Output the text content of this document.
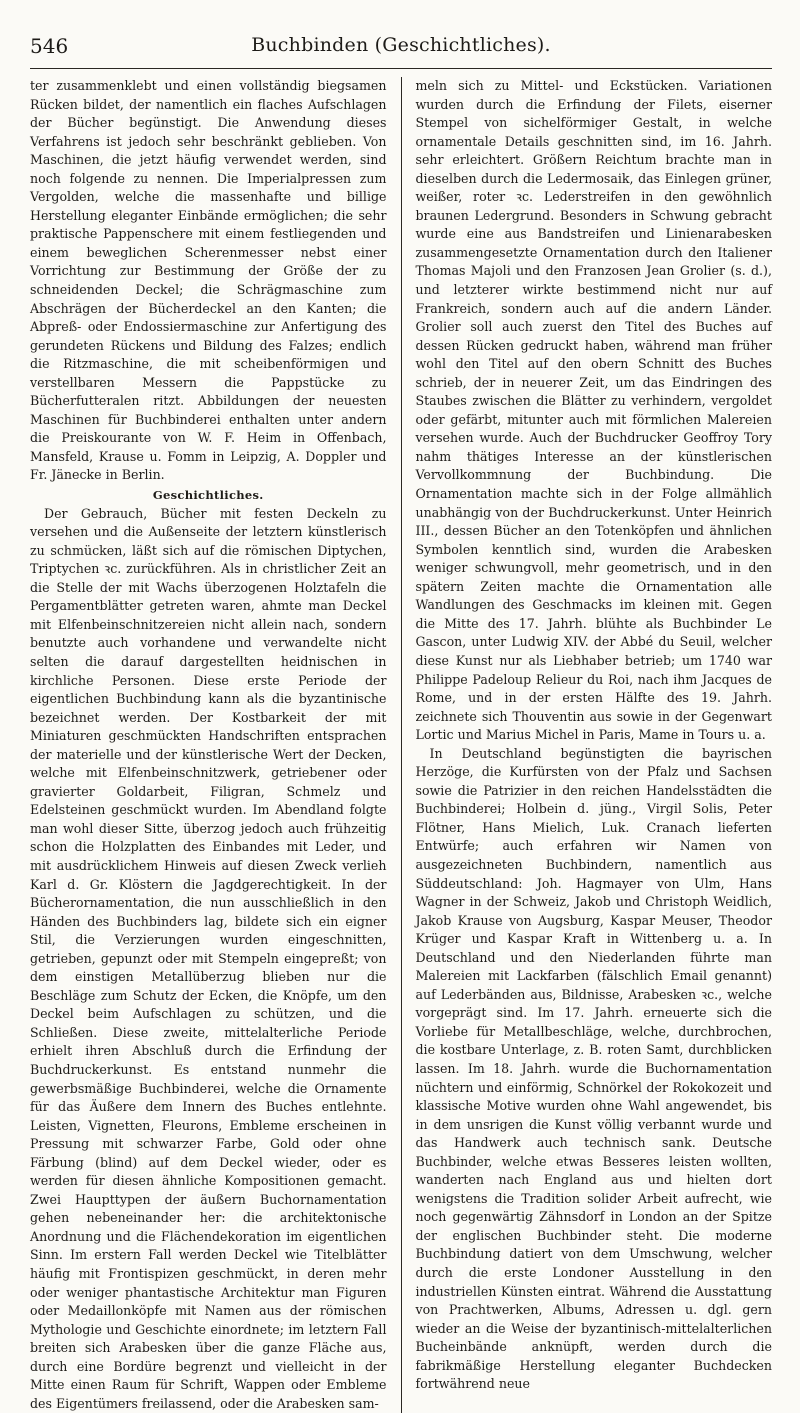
546	Buchbinden (Geschichtliches).

ter zusammenklebt und einen vollständig biegsamen Rücken bildet, der namentlich ein flaches Aufschlagen der Bücher begünstigt. Die Anwendung dieses Verfahrens ist jedoch sehr beschränkt geblieben. Von Maschinen, die jetzt häufig verwendet werden, sind noch folgende zu nennen. Die Imperialpressen zum Vergolden, welche die massenhafte und billige Herstellung eleganter Einbände ermöglichen; die sehr praktische Pappenschere mit einem festliegenden und einem beweglichen Scherenmesser nebst einer Vorrichtung zur Bestimmung der Größe der zu schneidenden Deckel; die Schrägmaschine zum Abschrägen der Bücherdeckel an den Kanten; die Abpreß- oder Endossiermaschine zur Anfertigung des gerundeten Rückens und Bildung des Falzes; endlich die Ritzmaschine, die mit scheibenförmigen und verstellbaren Messern die Pappstücke zu Bücherfutteralen ritzt. Abbildungen der neuesten Maschinen für Buchbinderei enthalten unter andern die Preiskourante von W. F. Heim in Offenbach, Mansfeld, Krause u. Fomm in Leipzig, A. Doppler und Fr. Jänecke in Berlin.

Geschichtliches.

Der Gebrauch, Bücher mit festen Deckeln zu versehen und die Außenseite der letztern künstlerisch zu schmücken, läßt sich auf die römischen Diptychen, Triptychen ꝛc. zurückführen. Als in christlicher Zeit an die Stelle der mit Wachs überzogenen Holztafeln die Pergamentblätter getreten waren, ahmte man Deckel mit Elfenbeinschnitzereien nicht allein nach, sondern benutzte auch vorhandene und verwandelte nicht selten die darauf dargestellten heidnischen in kirchliche Personen. Diese erste Periode der eigentlichen Buchbindung kann als die byzantinische bezeichnet werden. Der Kostbarkeit der mit Miniaturen geschmückten Handschriften entsprachen der materielle und der künstlerische Wert der Decken, welche mit Elfenbeinschnitzwerk, getriebener oder gravierter Goldarbeit, Filigran, Schmelz und Edelsteinen geschmückt wurden. Im Abendland folgte man wohl dieser Sitte, überzog jedoch auch frühzeitig schon die Holzplatten des Einbandes mit Leder, und mit ausdrücklichem Hinweis auf diesen Zweck verlieh Karl d. Gr. Klöstern die Jagdgerechtigkeit. In der Bücherornamentation, die nun ausschließlich in den Händen des Buchbinders lag, bildete sich ein eigner Stil, die Verzierungen wurden eingeschnitten, getrieben, gepunzt oder mit Stempeln eingepreßt; von dem einstigen Metallüberzug blieben nur die Beschläge zum Schutz der Ecken, die Knöpfe, um den Deckel beim Aufschlagen zu schützen, und die Schließen. Diese zweite, mittelalterliche Periode erhielt ihren Abschluß durch die Erfindung der Buchdruckerkunst. Es entstand nunmehr die gewerbsmäßige Buchbinderei, welche die Ornamente für das Äußere dem Innern des Buches entlehnte. Leisten, Vignetten, Fleurons, Embleme erscheinen in Pressung mit schwarzer Farbe, Gold oder ohne Färbung (blind) auf dem Deckel wieder, oder es werden für diesen ähnliche Kompositionen gemacht. Zwei Haupttypen der äußern Buchornamentation gehen nebeneinander her: die architektonische Anordnung und die Flächendekoration im eigentlichen Sinn. Im erstern Fall werden Deckel wie Titelblätter häufig mit Frontispizen geschmückt, in deren mehr oder weniger phantastische Architektur man Figuren oder Medaillonköpfe mit Namen aus der römischen Mythologie und Geschichte einordnete; im letztern Fall breiten sich Arabesken über die ganze Fläche aus, durch eine Bordüre begrenzt und vielleicht in der Mitte einen Raum für Schrift, Wappen oder Embleme des Eigentümers freilassend, oder die Arabesken sam-

meln sich zu Mittel- und Eckstücken. Variationen wurden durch die Erfindung der Filets, eiserner Stempel von sichelförmiger Gestalt, in welche ornamentale Details geschnitten sind, im 16. Jahrh. sehr erleichtert. Größern Reichtum brachte man in dieselben durch die Ledermosaik, das Einlegen grüner, weißer, roter ꝛc. Lederstreifen in den gewöhnlich braunen Ledergrund. Besonders in Schwung gebracht wurde eine aus Bandstreifen und Linienarabesken zusammengesetzte Ornamentation durch den Italiener Thomas Majoli und den Franzosen Jean Grolier (s. d.), und letzterer wirkte bestimmend nicht nur auf Frankreich, sondern auch auf die andern Länder. Grolier soll auch zuerst den Titel des Buches auf dessen Rücken gedruckt haben, während man früher wohl den Titel auf den obern Schnitt des Buches schrieb, der in neuerer Zeit, um das Eindringen des Staubes zwischen die Blätter zu verhindern, vergoldet oder gefärbt, mitunter auch mit förmlichen Malereien versehen wurde. Auch der Buchdrucker Geoffroy Tory nahm thätiges Interesse an der künstlerischen Vervollkommnung der Buchbindung. Die Ornamentation machte sich in der Folge allmählich unabhängig von der Buchdruckerkunst. Unter Heinrich III., dessen Bücher an den Totenköpfen und ähnlichen Symbolen kenntlich sind, wurden die Arabesken weniger schwungvoll, mehr geometrisch, und in den spätern Zeiten machte die Ornamentation alle Wandlungen des Geschmacks im kleinen mit. Gegen die Mitte des 17. Jahrh. blühte als Buchbinder Le Gascon, unter Ludwig XIV. der Abbé du Seuil, welcher diese Kunst nur als Liebhaber betrieb; um 1740 war Philippe Padeloup Relieur du Roi, nach ihm Jacques de Rome, und in der ersten Hälfte des 19. Jahrh. zeichnete sich Thouventin aus sowie in der Gegenwart Lortic und Marius Michel in Paris, Mame in Tours u. a.

In Deutschland begünstigten die bayrischen Herzöge, die Kurfürsten von der Pfalz und Sachsen sowie die Patrizier in den reichen Handelsstädten die Buchbinderei; Holbein d. jüng., Virgil Solis, Peter Flötner, Hans Mielich, Luk. Cranach lieferten Entwürfe; auch erfahren wir Namen von ausgezeichneten Buchbindern, namentlich aus Süddeutschland: Joh. Hagmayer von Ulm, Hans Wagner in der Schweiz, Jakob und Christoph Weidlich, Jakob Krause von Augsburg, Kaspar Meuser, Theodor Krüger und Kaspar Kraft in Wittenberg u. a. In Deutschland und den Niederlanden führte man Malereien mit Lackfarben (fälschlich Email genannt) auf Lederbänden aus, Bildnisse, Arabesken ꝛc., welche vorgeprägt sind. Im 17. Jahrh. erneuerte sich die Vorliebe für Metallbeschläge, welche, durchbrochen, die kostbare Unterlage, z. B. roten Samt, durchblicken lassen. Im 18. Jahrh. wurde die Buchornamentation nüchtern und einförmig, Schnörkel der Rokokozeit und klassische Motive wurden ohne Wahl angewendet, bis in dem unsrigen die Kunst völlig verbannt wurde und das Handwerk auch technisch sank. Deutsche Buchbinder, welche etwas Besseres leisten wollten, wanderten nach England aus und hielten dort wenigstens die Tradition solider Arbeit aufrecht, wie noch gegenwärtig Zähnsdorf in London an der Spitze der englischen Buchbinder steht. Die moderne Buchbindung datiert von dem Umschwung, welcher durch die erste Londoner Ausstellung in den industriellen Künsten eintrat. Während die Ausstattung von Prachtwerken, Albums, Adressen u. dgl. gern wieder an die Weise der byzantinisch-mittelalterlichen Bucheinbände anknüpft, werden durch die fabrikmäßige Herstellung eleganter Buchdecken fortwährend neue
